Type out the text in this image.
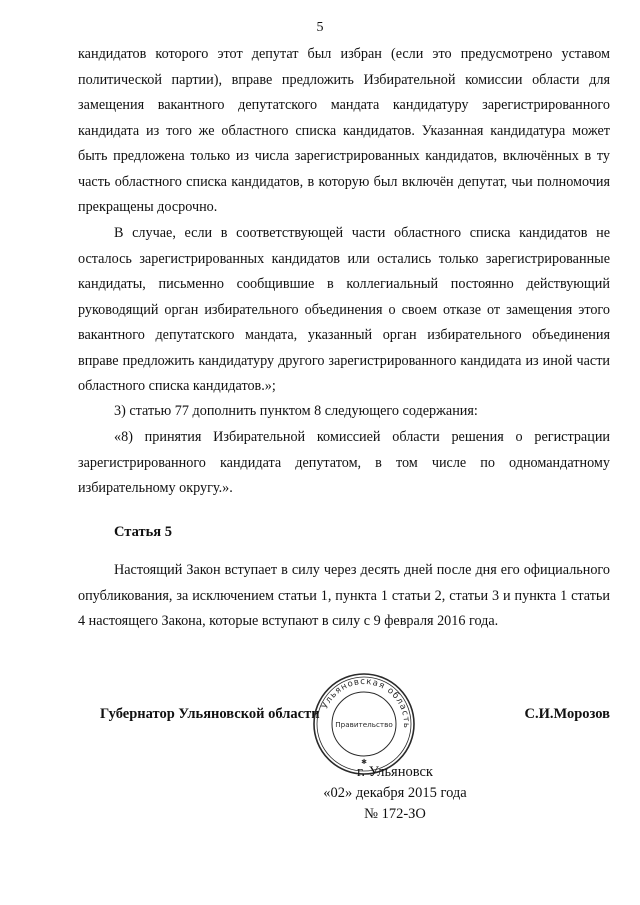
5

кандидатов которого этот депутат был избран (если это предусмотрено уставом политической партии), вправе предложить Избирательной комиссии области для замещения вакантного депутатского мандата кандидатуру зарегистрированного кандидата из того же областного списка кандидатов. Указанная кандидатура может быть предложена только из числа зарегистрированных кандидатов, включённых в ту часть областного списка кандидатов, в которую был включён депутат, чьи полномочия прекращены досрочно.

В случае, если в соответствующей части областного списка кандидатов не осталось зарегистрированных кандидатов или остались только зарегистрированные кандидаты, письменно сообщившие в коллегиальный постоянно действующий руководящий орган избирательного объединения о своем отказе от замещения этого вакантного депутатского мандата, указанный орган избирательного объединения вправе предложить кандидатуру другого зарегистрированного кандидата из иной части областного списка кандидатов.»;

3) статью 77 дополнить пунктом 8 следующего содержания:

«8) принятия Избирательной комиссией области решения о регистрации зарегистрированного кандидата депутатом, в том числе по одномандатному избирательному округу.».

Статья 5

Настоящий Закон вступает в силу через десять дней после дня его официального опубликования, за исключением статьи 1, пункта 1 статьи 2, статьи 3 и пункта 1 статьи 4 настоящего Закона, которые вступают в силу с 9 февраля 2016 года.

Губернатор Ульяновской области	С.И.Морозов
Ульяновская область
Правительство
✱
г. Ульяновск
«02» декабря 2015 года
№ 172-ЗО
